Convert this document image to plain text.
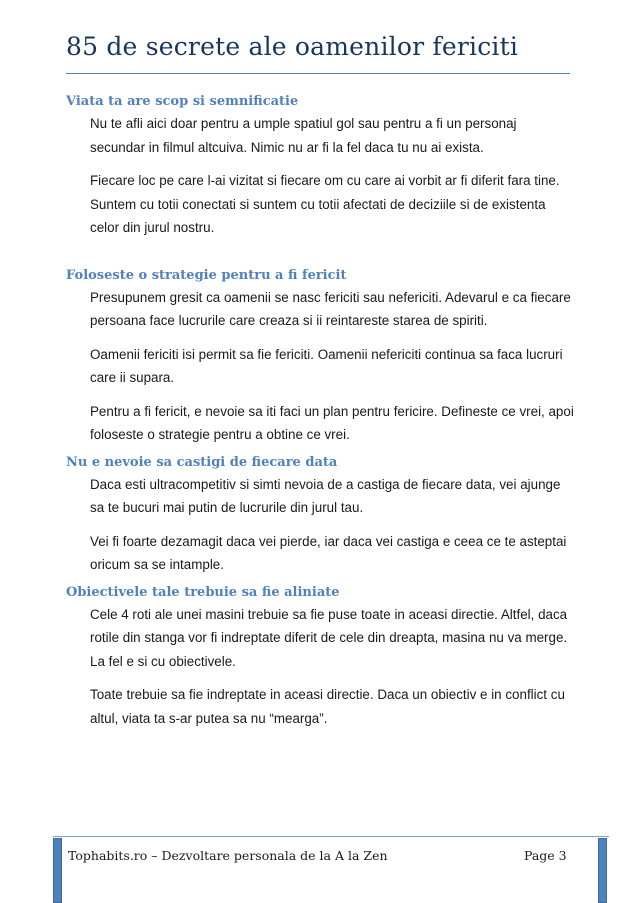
85 de secrete ale oamenilor fericiti
Viata ta are scop si semnificatie

Nu te afli aici doar pentru a umple spatiul gol sau pentru a fi un personaj secundar in filmul altcuiva. Nimic nu ar fi la fel daca tu nu ai exista.

Fiecare loc pe care l-ai vizitat si fiecare om cu care ai vorbit ar fi diferit fara tine. Suntem cu totii conectati si suntem cu totii afectati de deciziile si de existenta celor din jurul nostru.

Foloseste o strategie pentru a fi fericit

Presupunem gresit ca oamenii se nasc fericiti sau nefericiti. Adevarul e ca fiecare persoana face lucrurile care creaza si ii reintareste starea de spiriti.

Oamenii fericiti isi permit sa fie fericiti. Oamenii nefericiti continua sa faca lucruri care ii supara.

Pentru a fi fericit, e nevoie sa iti faci un plan pentru fericire. Defineste ce vrei, apoi foloseste o strategie pentru a obtine ce vrei.

Nu e nevoie sa castigi de fiecare data

Daca esti ultracompetitiv si simti nevoia de a castiga de fiecare data, vei ajunge sa te bucuri mai putin de lucrurile din jurul tau.

Vei fi foarte dezamagit daca vei pierde, iar daca vei castiga e ceea ce te asteptai oricum sa se intample.

Obiectivele tale trebuie sa fie aliniate

Cele 4 roti ale unei masini trebuie sa fie puse toate in aceasi directie. Altfel, daca rotile din stanga vor fi indreptate diferit de cele din dreapta, masina nu va merge. La fel e si cu obiectivele.

Toate trebuie sa fie indreptate in aceasi directie. Daca un obiectiv e in conflict cu altul, viata ta s-ar putea sa nu “mearga”.

Tophabits.ro – Dezvoltare personala de la A la Zen	Page 3
